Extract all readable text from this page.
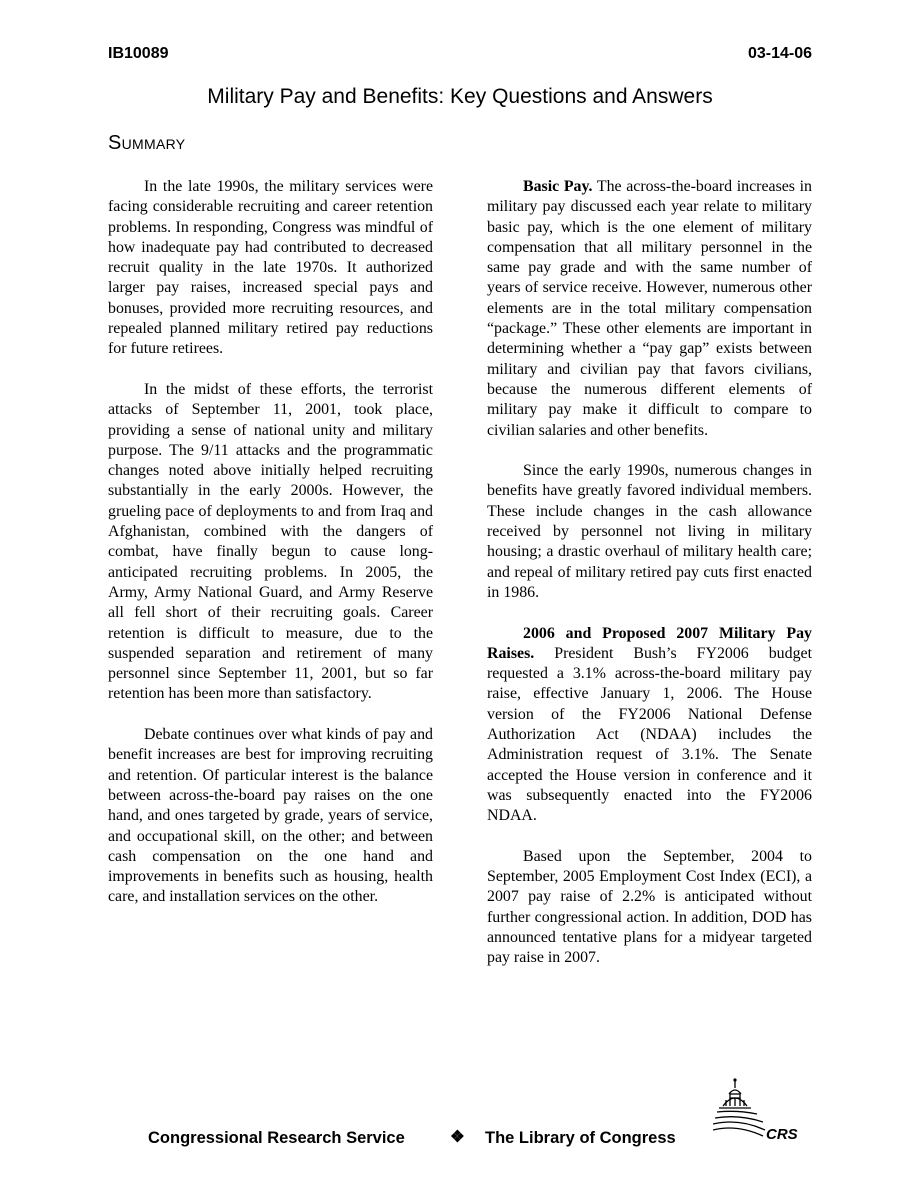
IB10089	03-14-06
Military Pay and Benefits: Key Questions and Answers
Summary

In the late 1990s, the military services were facing considerable recruiting and career retention problems. In responding, Congress was mindful of how inadequate pay had contributed to decreased recruit quality in the late 1970s. It authorized larger pay raises, increased special pays and bonuses, provided more recruiting resources, and repealed planned military retired pay reductions for future retirees.

In the midst of these efforts, the terrorist attacks of September 11, 2001, took place, providing a sense of national unity and military purpose. The 9/11 attacks and the programmatic changes noted above initially helped recruiting substantially in the early 2000s. However, the grueling pace of deployments to and from Iraq and Afghanistan, combined with the dangers of combat, have finally begun to cause long-anticipated recruiting problems. In 2005, the Army, Army National Guard, and Army Reserve all fell short of their recruiting goals. Career retention is difficult to measure, due to the suspended separation and retirement of many personnel since September 11, 2001, but so far retention has been more than satisfactory.

Debate continues over what kinds of pay and benefit increases are best for improving recruiting and retention. Of particular interest is the balance between across-the-board pay raises on the one hand, and ones targeted by grade, years of service, and occupational skill, on the other; and between cash compensation on the one hand and improvements in benefits such as housing, health care, and installation services on the other.

Basic Pay. The across-the-board increases in military pay discussed each year relate to military basic pay, which is the one element of military compensation that all military personnel in the same pay grade and with the same number of years of service receive. However, numerous other elements are in the total military compensation “package.” These other elements are important in determining whether a “pay gap” exists between military and civilian pay that favors civilians, because the numerous different elements of military pay make it difficult to compare to civilian salaries and other benefits.

Since the early 1990s, numerous changes in benefits have greatly favored individual members. These include changes in the cash allowance received by personnel not living in military housing; a drastic overhaul of military health care; and repeal of military retired pay cuts first enacted in 1986.

2006 and Proposed 2007 Military Pay Raises. President Bush’s FY2006 budget requested a 3.1% across-the-board military pay raise, effective January 1, 2006. The House version of the FY2006 National Defense Authorization Act (NDAA) includes the Administration request of 3.1%. The Senate accepted the House version in conference and it was subsequently enacted into the FY2006 NDAA.

Based upon the September, 2004 to September, 2005 Employment Cost Index (ECI), a 2007 pay raise of 2.2% is anticipated without further congressional action. In addition, DOD has announced tentative plans for a midyear targeted pay raise in 2007.

Congressional Research Service	❖ The Library of Congress	CRS
